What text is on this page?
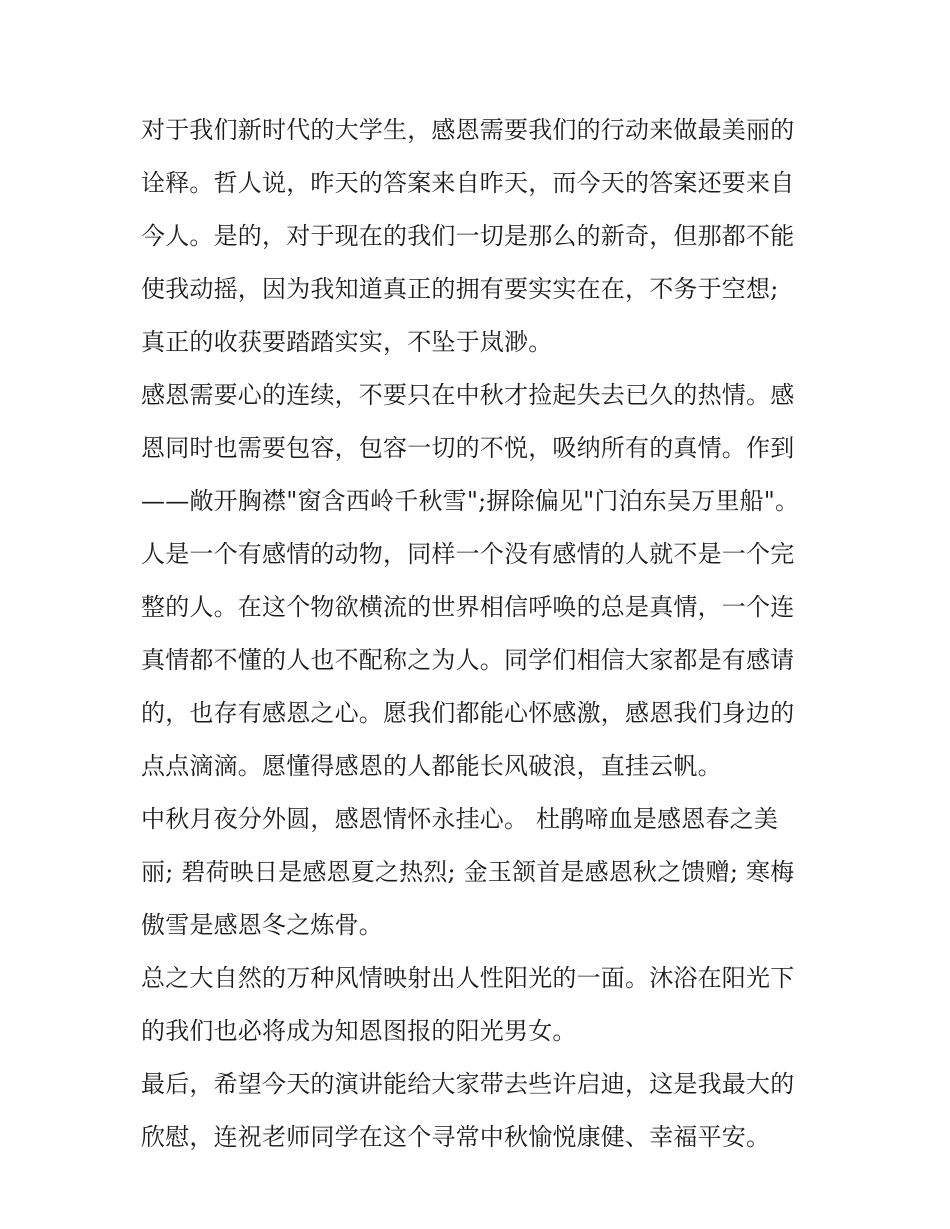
对于我们新时代的大学生，感恩需要我们的行动来做最美丽的
诠释。哲人说，昨天的答案来自昨天，而今天的答案还要来自
今人。是的，对于现在的我们一切是那么的新奇，但那都不能
使我动摇，因为我知道真正的拥有要实实在在，不务于空想;
真正的收获要踏踏实实，不坠于岚渺。
感恩需要心的连续，不要只在中秋才捡起失去已久的热情。感
恩同时也需要包容，包容一切的不悦，吸纳所有的真情。作到
——敞开胸襟"窗含西岭千秋雪";摒除偏见"门泊东吴万里船"。
人是一个有感情的动物，同样一个没有感情的人就不是一个完
整的人。在这个物欲横流的世界相信呼唤的总是真情，一个连
真情都不懂的人也不配称之为人。同学们相信大家都是有感请
的，也存有感恩之心。愿我们都能心怀感激，感恩我们身边的
点点滴滴。愿懂得感恩的人都能长风破浪，直挂云帆。
中秋月夜分外圆，感恩情怀永挂心。 杜鹃啼血是感恩春之美
丽; 碧荷映日是感恩夏之热烈; 金玉颔首是感恩秋之馈赠; 寒梅
傲雪是感恩冬之炼骨。
总之大自然的万种风情映射出人性阳光的一面。沐浴在阳光下
的我们也必将成为知恩图报的阳光男女。
最后，希望今天的演讲能给大家带去些许启迪，这是我最大的
欣慰，连祝老师同学在这个寻常中秋愉悦康健、幸福平安。
